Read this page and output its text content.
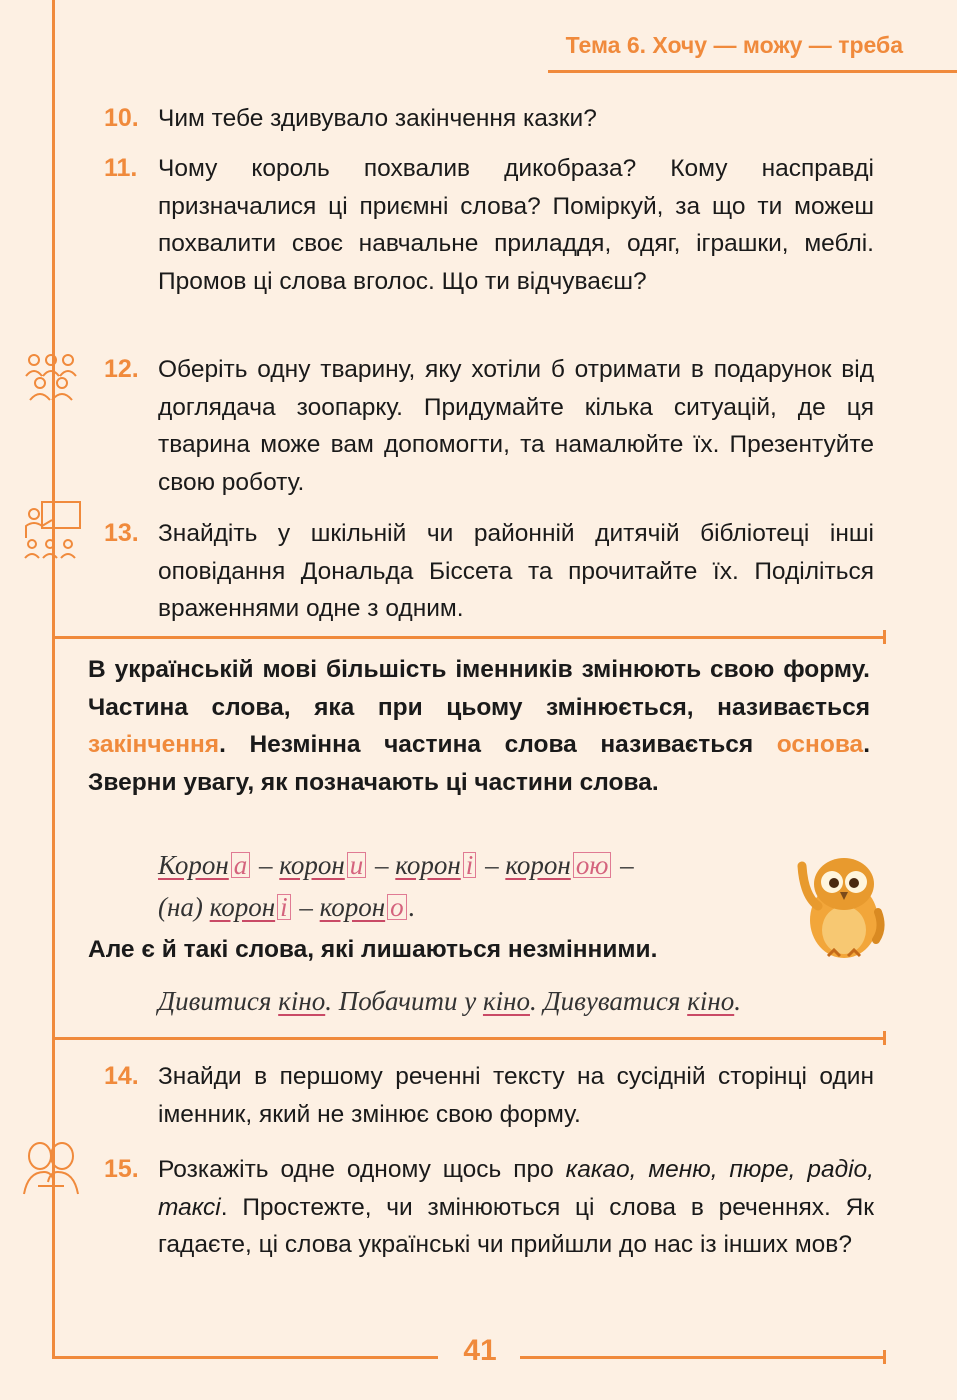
Тема 6. Хочу — можу — треба
10. Чим тебе здивувало закінчення казки?
11. Чому король похвалив дикобраза? Кому насправді призначалися ці приємні слова? Поміркуй, за що ти можеш похвалити своє навчальне приладдя, одяг, іграшки, меблі. Промов ці слова вголос. Що ти відчуваєш?
12. Оберіть одну тварину, яку хотіли б отримати в подарунок від доглядача зоопарку. Придумайте кілька ситуацій, де ця тварина може вам допомогти, та намалюйте їх. Презентуйте свою роботу.
13. Знайдіть у шкільній чи районній дитячій бібліотеці інші оповідання Дональда Біссета та прочитайте їх. Поділіться враженнями одне з одним.
В українській мові більшість іменників змінюють свою форму. Частина слова, яка при цьому змінюється, називається закінчення. Незмінна частина слова називається основа. Зверни увагу, як позначають ці частини слова.
Корон а – корон и – корон і – корон ою –
(на) корон і – корон о .
Але є й такі слова, які лишаються незмінними.
Дивитися кіно. Побачити у кіно. Дивуватися кіно.
14. Знайди в першому реченні тексту на сусідній сторінці один іменник, який не змінює свою форму.
15. Розкажіть одне одному щось про какао, меню, пюре, радіо, таксі. Простежте, чи змінюються ці слова в реченнях. Як гадаєте, ці слова українські чи прийшли до нас із інших мов?
41
